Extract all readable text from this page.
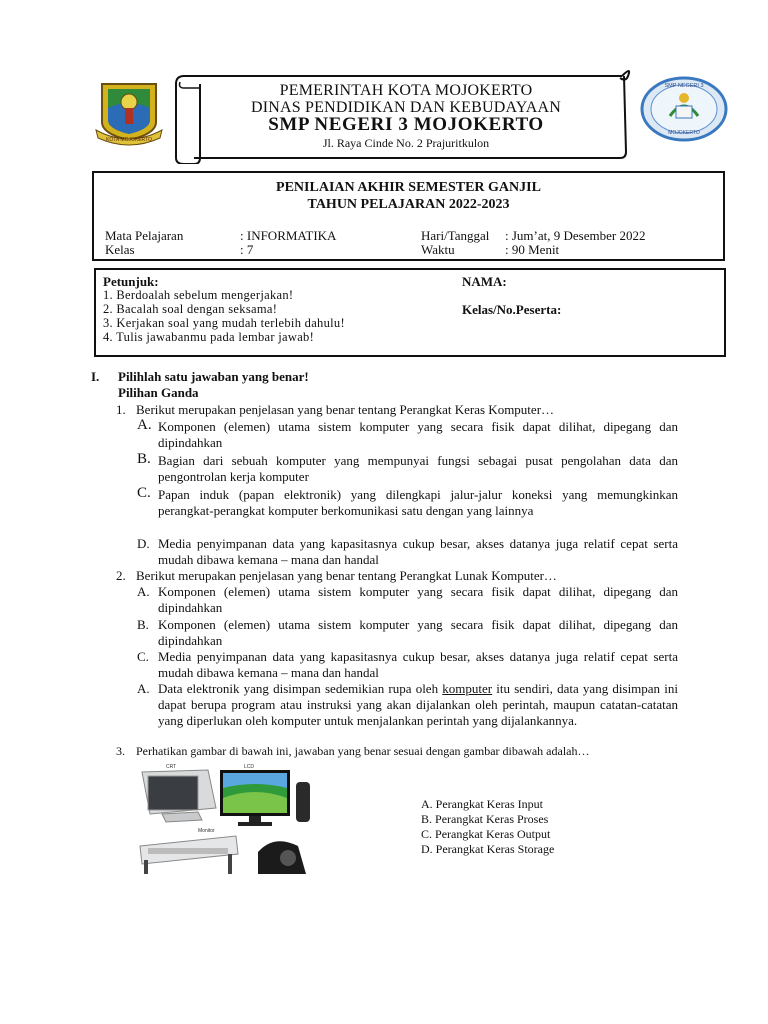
KOTA MOJOKERTO
SMP NEGERI 3
MOJOKERTO
PEMERINTAH KOTA MOJOKERTO
DINAS PENDIDIKAN DAN KEBUDAYAAN
SMP NEGERI 3 MOJOKERTO
Jl. Raya Cinde No. 2 Prajuritkulon
PENILAIAN AKHIR SEMESTER GANJIL
TAHUN PELAJARAN 2022-2023
Mata Pelajaran	: INFORMATIKA
Kelas	: 7
Hari/Tanggal : Jum’at, 9 Desember 2022
Waktu	: 90 Menit
Petunjuk:
1. Berdoalah sebelum mengerjakan!
2. Bacalah soal dengan seksama!
3. Kerjakan soal yang mudah terlebih dahulu!
4. Tulis jawabanmu pada lembar jawab!
NAMA:
Kelas/No.Peserta:
I. Pilihlah satu jawaban yang benar!
Pilihan Ganda
1. Berikut merupakan penjelasan yang benar tentang Perangkat Keras Komputer…
A. Komponen (elemen) utama sistem komputer yang secara fisik dapat dilihat, dipegang dan dipindahkan
B. Bagian dari sebuah komputer yang mempunyai fungsi sebagai pusat pengolahan data dan pengontrolan kerja komputer
C. Papan induk (papan elektronik) yang dilengkapi jalur-jalur koneksi yang memungkinkan perangkat-perangkat komputer berkomunikasi satu dengan yang lainnya
D. Media penyimpanan data yang kapasitasnya cukup besar, akses datanya juga relatif cepat serta mudah dibawa kemana – mana dan handal
2. Berikut merupakan penjelasan yang benar tentang Perangkat Lunak Komputer…
A. Komponen (elemen) utama sistem komputer yang secara fisik dapat dilihat, dipegang dan dipindahkan
B. Komponen (elemen) utama sistem komputer yang secara fisik dapat dilihat, dipegang dan dipindahkan
C. Media penyimpanan data yang kapasitasnya cukup besar, akses datanya juga relatif cepat serta mudah dibawa kemana – mana dan handal
A. Data elektronik yang disimpan sedemikian rupa oleh komputer itu sendiri, data yang disimpan ini dapat berupa program atau instruksi yang akan dijalankan oleh perintah, maupun catatan-catatan yang diperlukan oleh komputer untuk menjalankan perintah yang dijalankannya.
3. Perhatikan gambar di bawah ini, jawaban yang benar sesuai dengan gambar dibawah adalah…
CRT	LCD
Monitor
A. Perangkat Keras Input
B. Perangkat Keras Proses
C. Perangkat Keras Output
D. Perangkat Keras Storage
